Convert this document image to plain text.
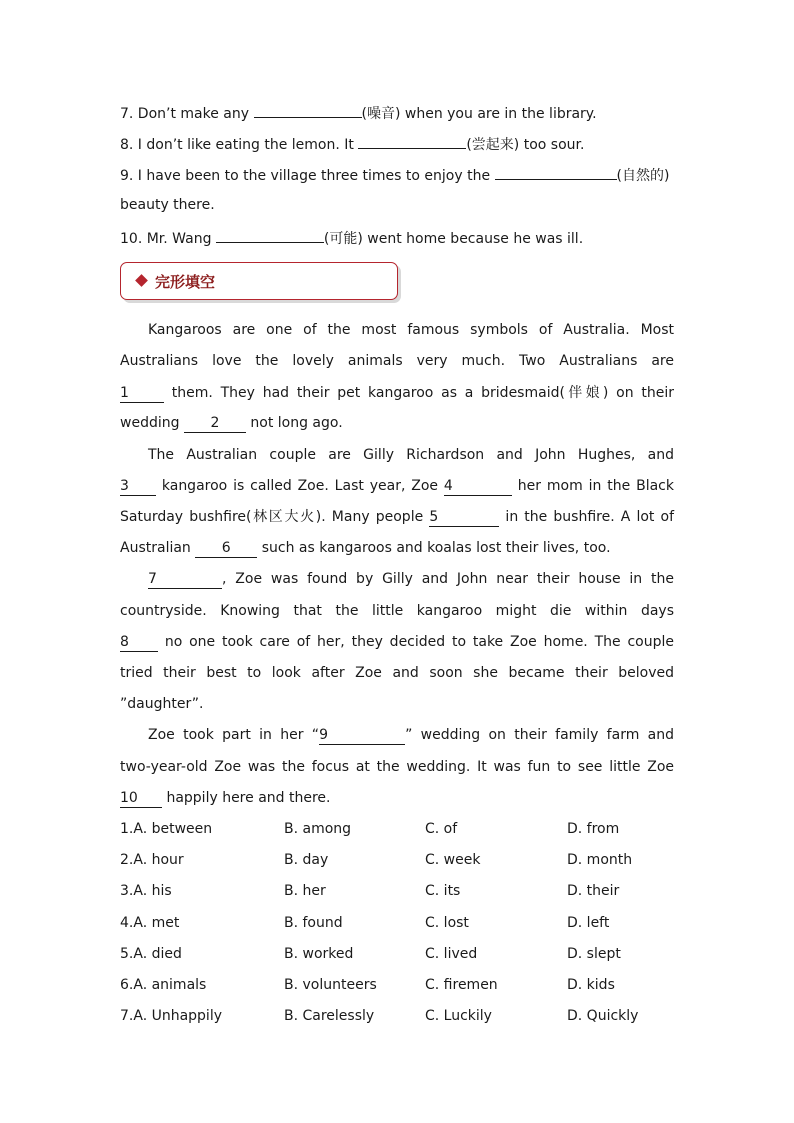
7. Don’t make any	(噪音) when you are in the library.
8. I don’t like eating the lemon. It	(尝起来) too sour.
9. I have been to the village three times to enjoy the	(自然的)
beauty there.
10. Mr. Wang	(可能) went home because he was ill.
完形填空
Kangaroos are one of the most famous symbols of Australia. Most
Australians love the lovely animals very much. Two Australians are
1	them. They had their pet kangaroo as a bridesmaid(伴娘) on their
wedding 2 not long ago.
The Australian couple are Gilly Richardson and John Hughes, and
3 kangaroo is called Zoe. Last year, Zoe 4	her mom in the Black
Saturday bushfire(林区大火). Many people 5	in the bushfire. A lot of
Australian 6 such as kangaroos and koalas lost their lives, too.
7	, Zoe was found by Gilly and John near their house in the
countryside. Knowing that the little kangaroo might die within days
8 no one took care of her, they decided to take Zoe home. The couple
tried their best to look after Zoe and soon she became their beloved
”daughter”.
Zoe took part in her “9	” wedding on their family farm and
two-year-old Zoe was the focus at the wedding. It was fun to see little Zoe
10 happily here and there.
1.A. between	B. among	C. of	D. from
2.A. hour	B. day	C. week	D. month
3.A. his	B. her	C. its	D. their
4.A. met	B. found	C. lost	D. left
5.A. died	B. worked	C. lived	D. slept
6.A. animals	B. volunteers	C. firemen	D. kids
7.A. Unhappily	B. Carelessly	C. Luckily	D. Quickly
